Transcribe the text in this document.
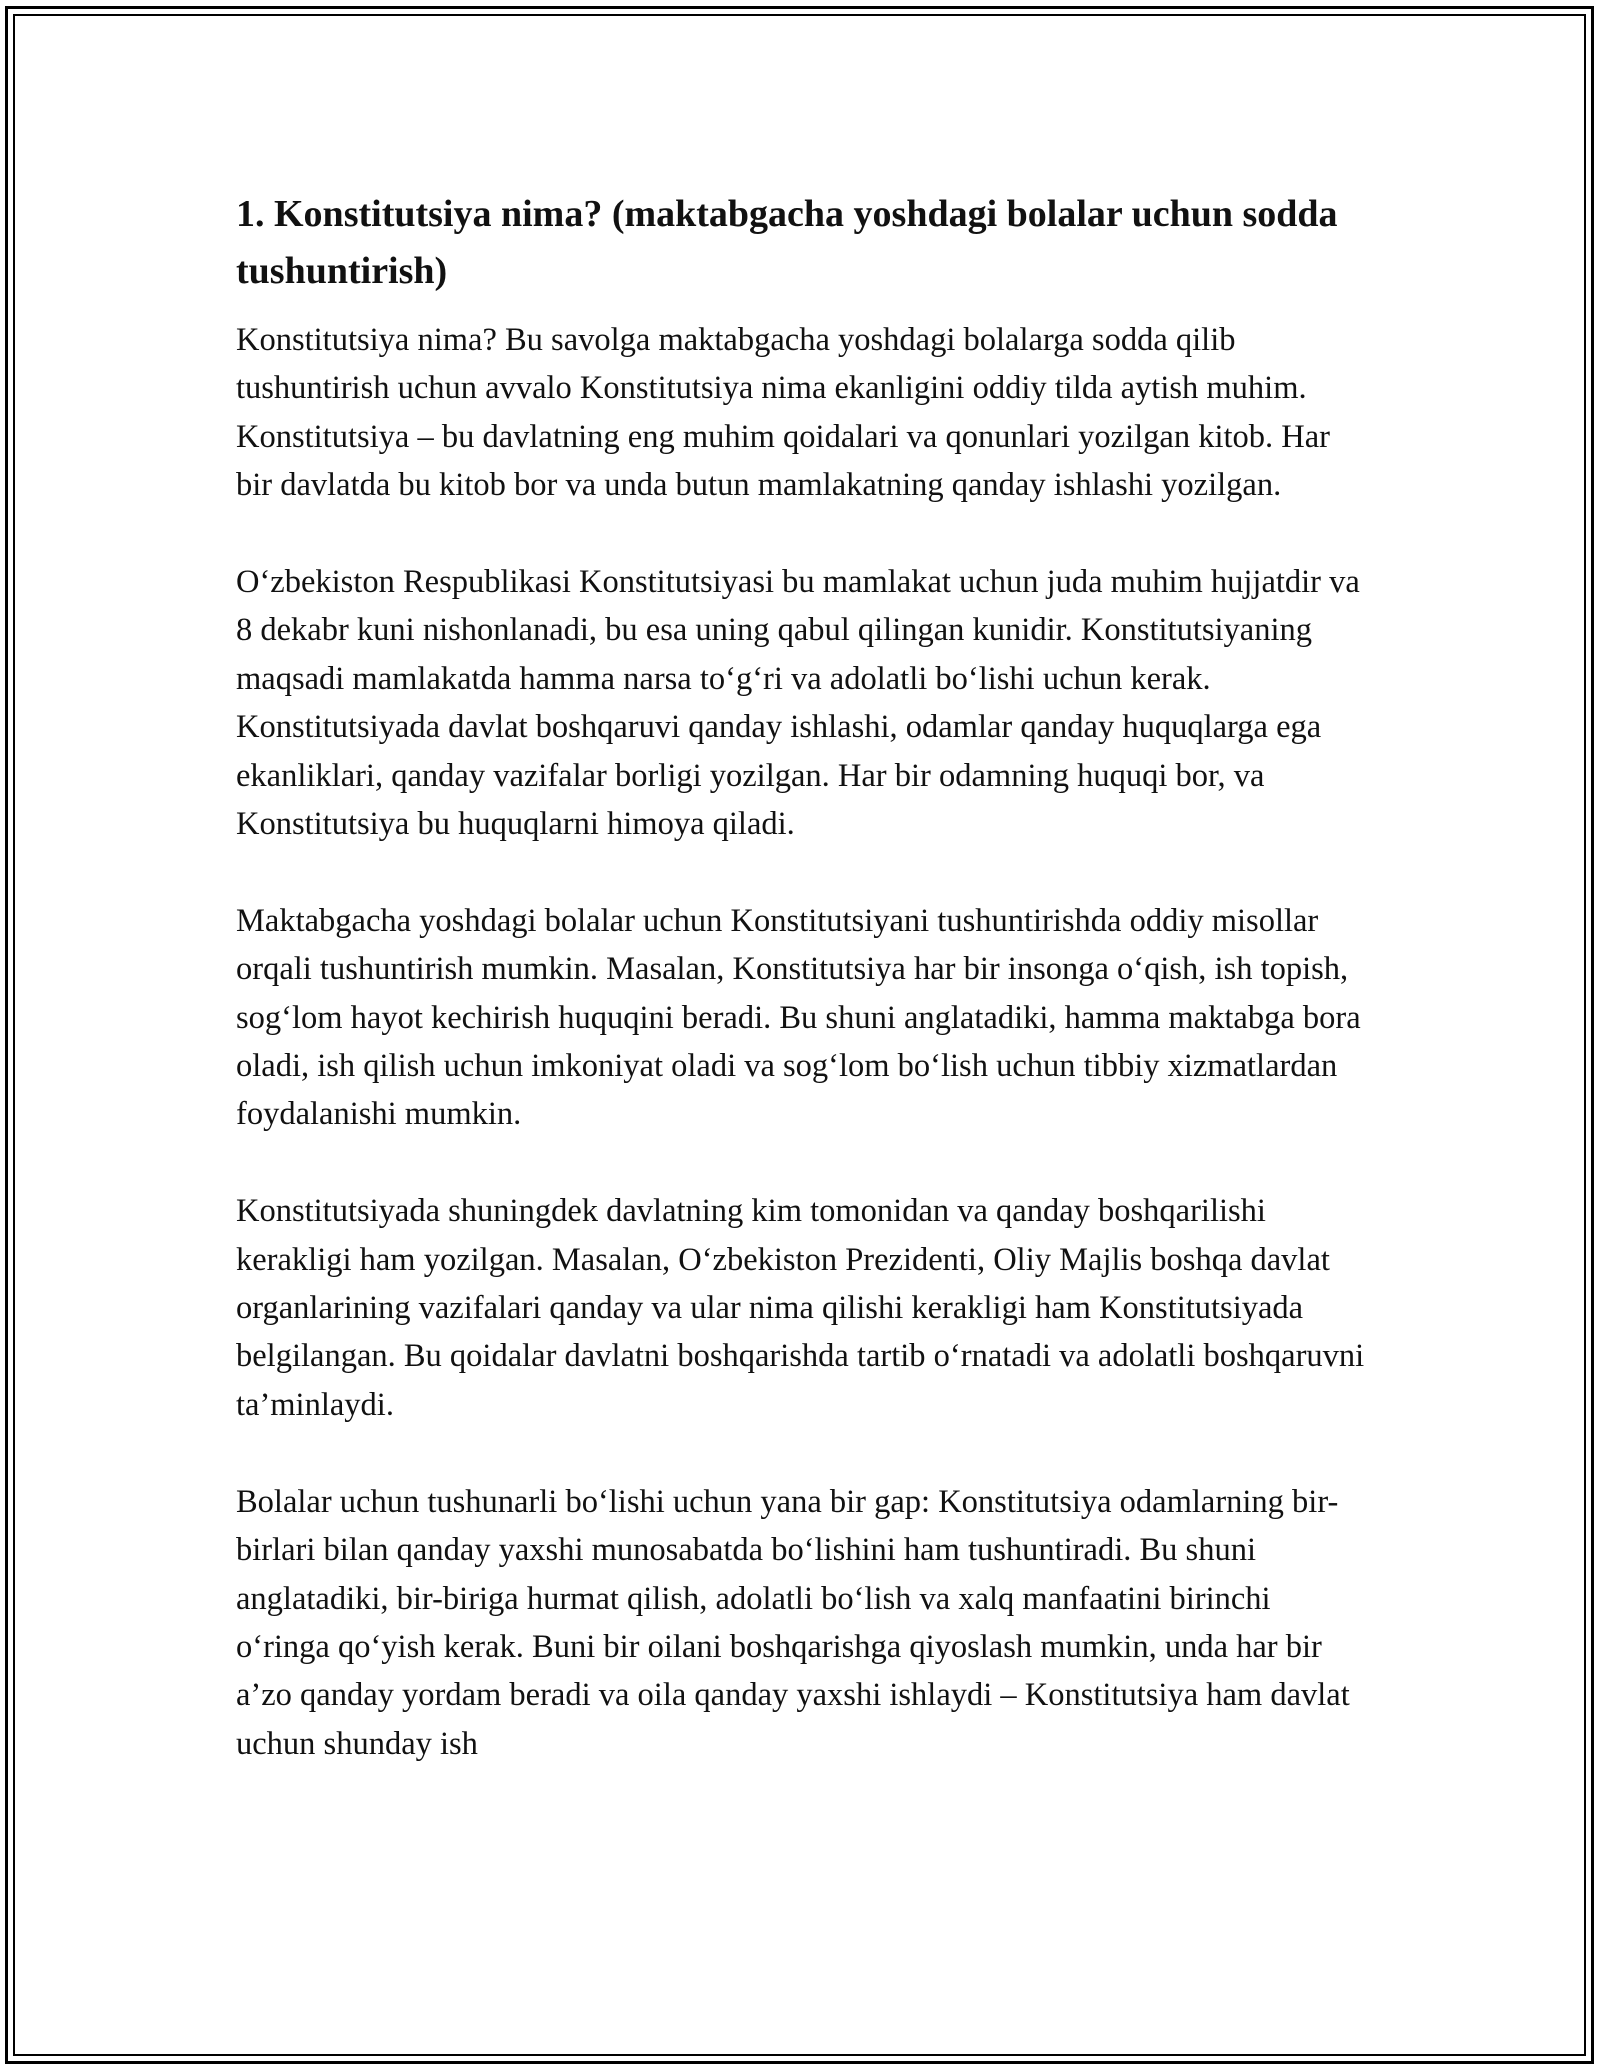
1. Konstitutsiya nima? (maktabgacha yoshdagi bolalar uchun sodda tushuntirish)

Konstitutsiya nima? Bu savolga maktabgacha yoshdagi bolalarga sodda qilib tushuntirish uchun avvalo Konstitutsiya nima ekanligini oddiy tilda aytish muhim. Konstitutsiya – bu davlatning eng muhim qoidalari va qonunlari yozilgan kitob. Har bir davlatda bu kitob bor va unda butun mamlakatning qanday ishlashi yozilgan.

O‘zbekiston Respublikasi Konstitutsiyasi bu mamlakat uchun juda muhim hujjatdir va 8 dekabr kuni nishonlanadi, bu esa uning qabul qilingan kunidir. Konstitutsiyaning maqsadi mamlakatda hamma narsa to‘g‘ri va adolatli bo‘lishi uchun kerak. Konstitutsiyada davlat boshqaruvi qanday ishlashi, odamlar qanday huquqlarga ega ekanliklari, qanday vazifalar borligi yozilgan. Har bir odamning huquqi bor, va Konstitutsiya bu huquqlarni himoya qiladi.

Maktabgacha yoshdagi bolalar uchun Konstitutsiyani tushuntirishda oddiy misollar orqali tushuntirish mumkin. Masalan, Konstitutsiya har bir insonga o‘qish, ish topish, sog‘lom hayot kechirish huquqini beradi. Bu shuni anglatadiki, hamma maktabga bora oladi, ish qilish uchun imkoniyat oladi va sog‘lom bo‘lish uchun tibbiy xizmatlardan foydalanishi mumkin.

Konstitutsiyada shuningdek davlatning kim tomonidan va qanday boshqarilishi kerakligi ham yozilgan. Masalan, O‘zbekiston Prezidenti, Oliy Majlis boshqa davlat organlarining vazifalari qanday va ular nima qilishi kerakligi ham Konstitutsiyada belgilangan. Bu qoidalar davlatni boshqarishda tartib o‘rnatadi va adolatli boshqaruvni ta’minlaydi.

Bolalar uchun tushunarli bo‘lishi uchun yana bir gap: Konstitutsiya odamlarning bir-birlari bilan qanday yaxshi munosabatda bo‘lishini ham tushuntiradi. Bu shuni anglatadiki, bir-biriga hurmat qilish, adolatli bo‘lish va xalq manfaatini birinchi o‘ringa qo‘yish kerak. Buni bir oilani boshqarishga qiyoslash mumkin, unda har bir a’zo qanday yordam beradi va oila qanday yaxshi ishlaydi – Konstitutsiya ham davlat uchun shunday ish
